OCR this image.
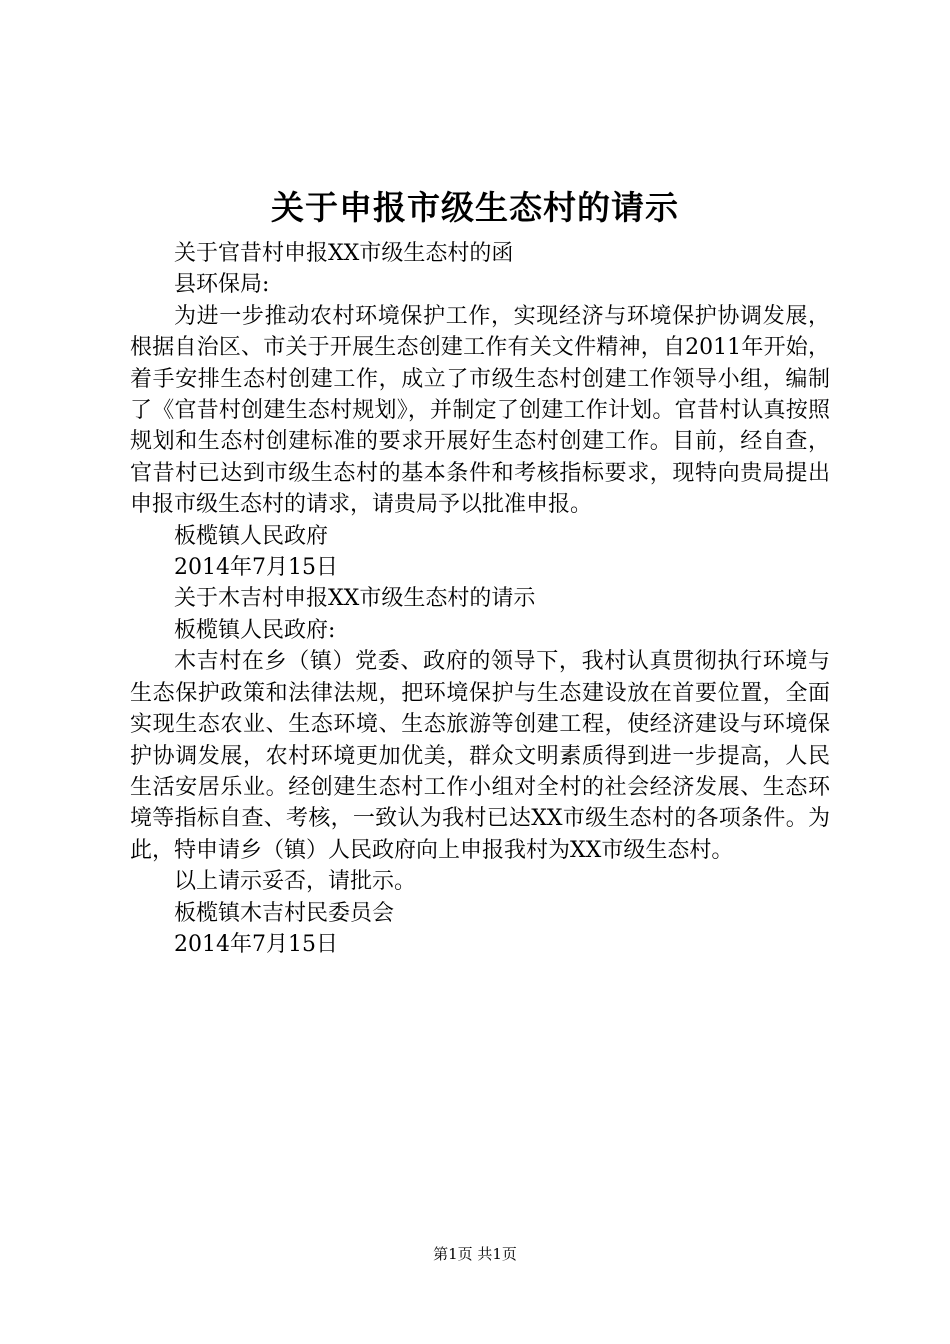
关于申报市级生态村的请示

关于官昔村申报XX市级生态村的函

县环保局:

为进一步推动农村环境保护工作，实现经济与环境保护协调发展，根据自治区、市关于开展生态创建工作有关文件精神，自2011年开始，着手安排生态村创建工作，成立了市级生态村创建工作领导小组，编制了《官昔村创建生态村规划》，并制定了创建工作计划。官昔村认真按照规划和生态村创建标准的要求开展好生态村创建工作。目前，经自查，官昔村已达到市级生态村的基本条件和考核指标要求，现特向贵局提出申报市级生态村的请求，请贵局予以批准申报。

板榄镇人民政府

2014年7月15日

关于木吉村申报XX市级生态村的请示

板榄镇人民政府:

木吉村在乡（镇）党委、政府的领导下，我村认真贯彻执行环境与生态保护政策和法律法规，把环境保护与生态建设放在首要位置，全面实现生态农业、生态环境、生态旅游等创建工程，使经济建设与环境保护协调发展，农村环境更加优美，群众文明素质得到进一步提高，人民生活安居乐业。经创建生态村工作小组对全村的社会经济发展、生态环境等指标自查、考核，一致认为我村已达XX市级生态村的各项条件。为此，特申请乡（镇）人民政府向上申报我村为XX市级生态村。

以上请示妥否，请批示。

板榄镇木吉村民委员会

2014年7月15日

第1页 共1页
